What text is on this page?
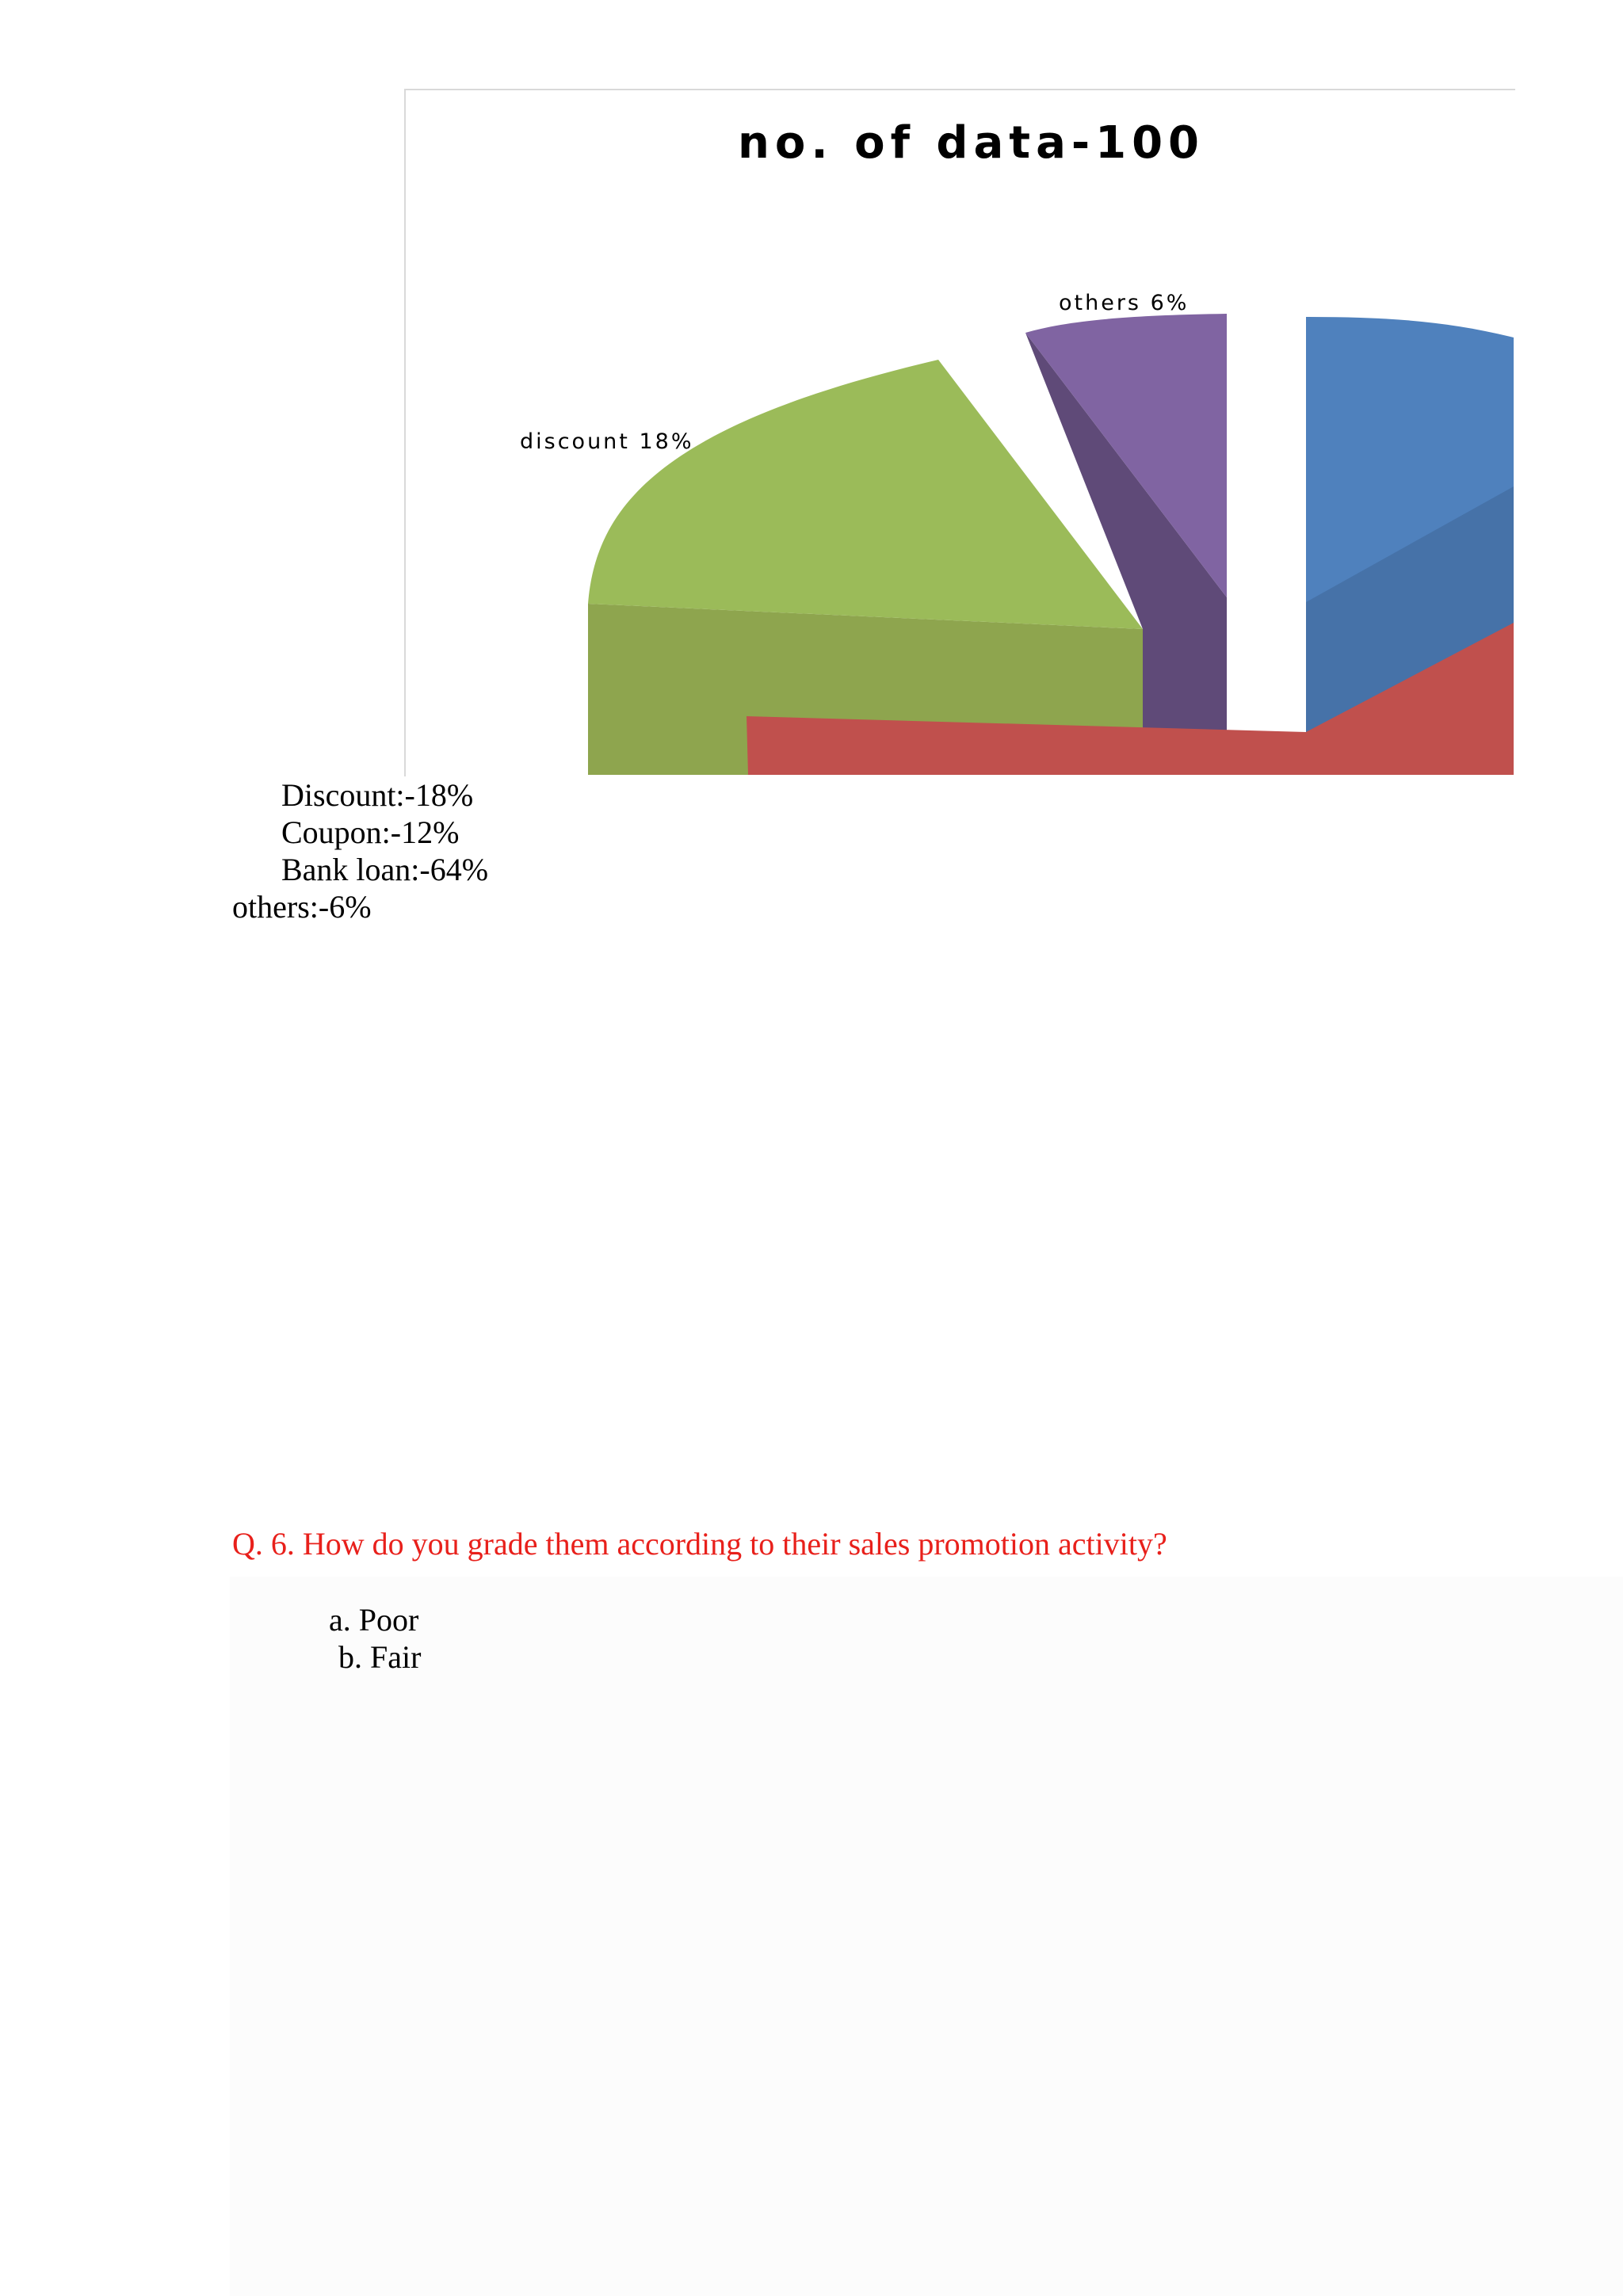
no. of data-100
discount 18%
others 6%
Discount:-18%
Coupon:-12%
Bank loan:-64%
others:-6%
Q. 6. How do you grade them according to their sales promotion activity?
a. Poor
b. Fair
